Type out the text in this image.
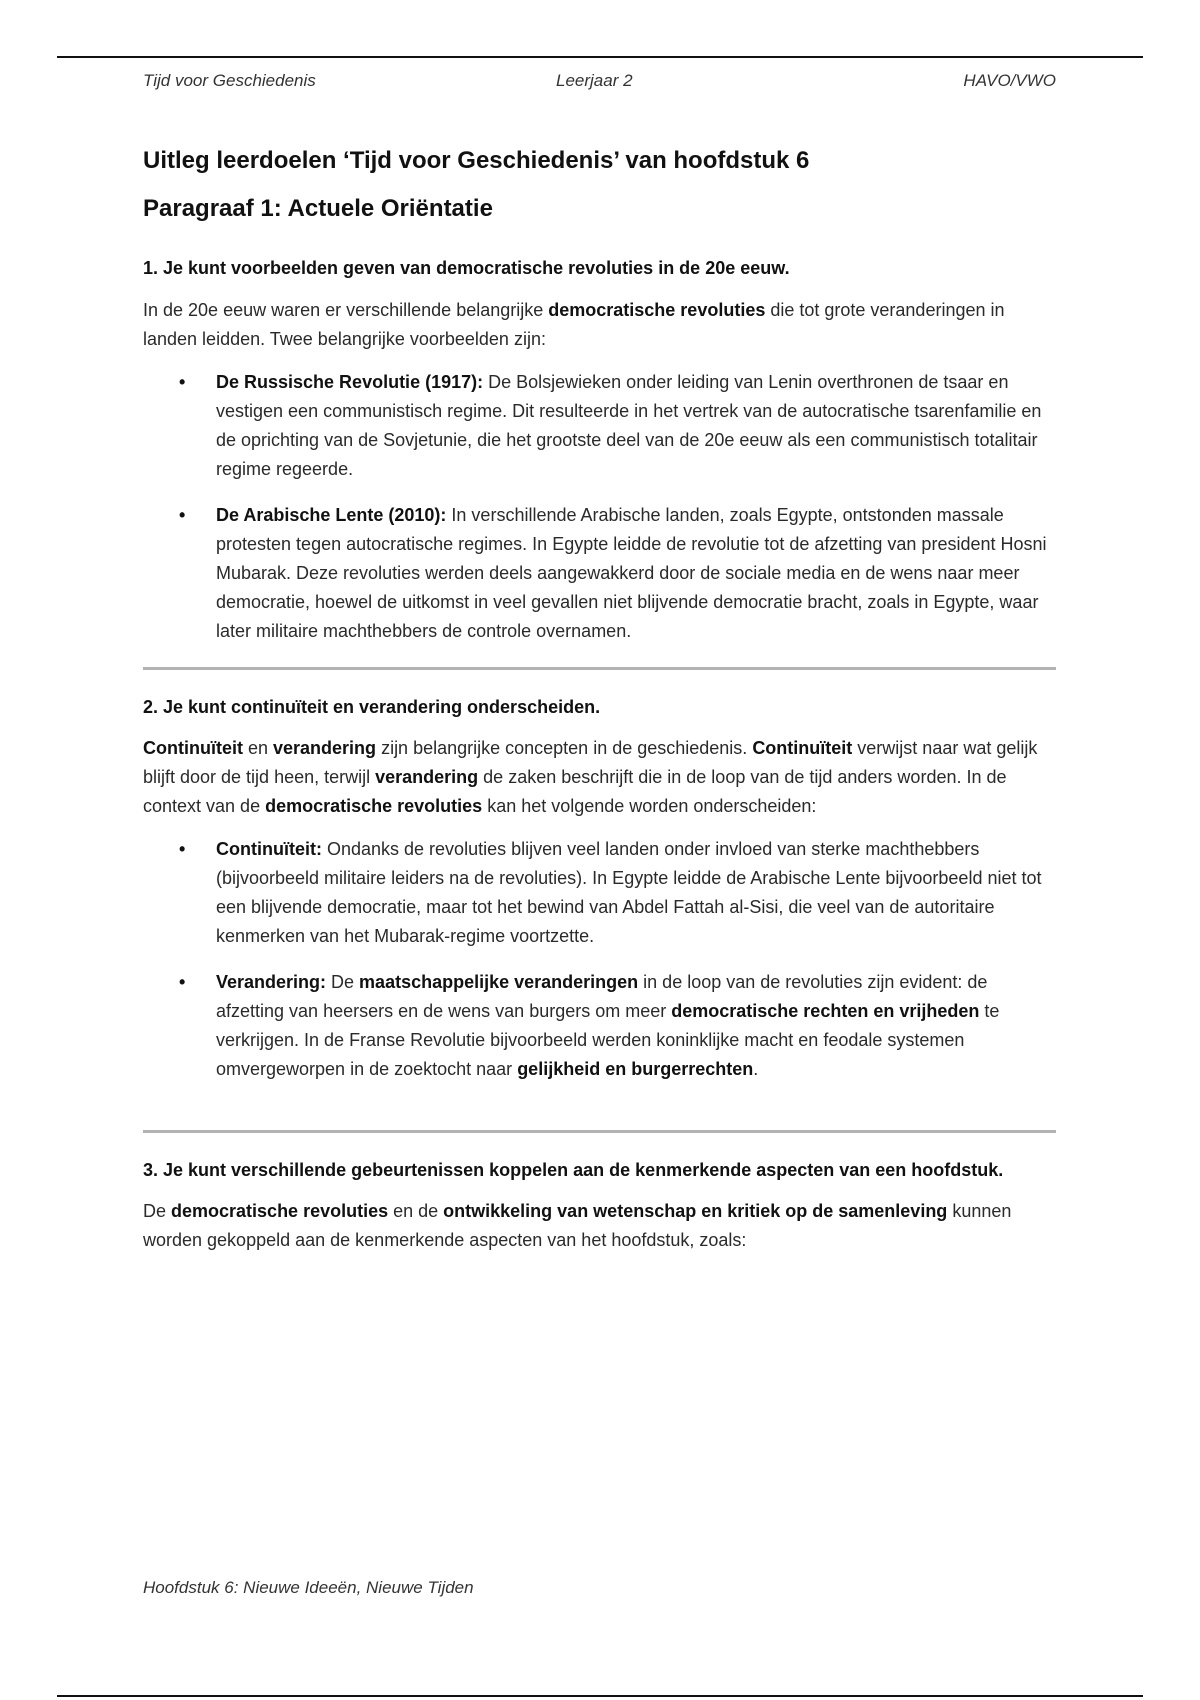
Tijd voor Geschiedenis	Leerjaar 2	HAVO/VWO
Uitleg leerdoelen ‘Tijd voor Geschiedenis’ van hoofdstuk 6
Paragraaf 1: Actuele Oriëntatie
1. Je kunt voorbeelden geven van democratische revoluties in de 20e eeuw.

In de 20e eeuw waren er verschillende belangrijke democratische revoluties die tot grote veranderingen in landen leidden. Twee belangrijke voorbeelden zijn:

• De Russische Revolutie (1917): De Bolsjewieken onder leiding van Lenin overthronen de tsaar en vestigen een communistisch regime. Dit resulteerde in het vertrek van de autocratische tsarenfamilie en de oprichting van de Sovjetunie, die het grootste deel van de 20e eeuw als een communistisch totalitair regime regeerde.
• De Arabische Lente (2010): In verschillende Arabische landen, zoals Egypte, ontstonden massale protesten tegen autocratische regimes. In Egypte leidde de revolutie tot de afzetting van president Hosni Mubarak. Deze revoluties werden deels aangewakkerd door de sociale media en de wens naar meer democratie, hoewel de uitkomst in veel gevallen niet blijvende democratie bracht, zoals in Egypte, waar later militaire machthebbers de controle overnamen.
2. Je kunt continuïteit en verandering onderscheiden.

Continuïteit en verandering zijn belangrijke concepten in de geschiedenis. Continuïteit verwijst naar wat gelijk blijft door de tijd heen, terwijl verandering de zaken beschrijft die in de loop van de tijd anders worden. In de context van de democratische revoluties kan het volgende worden onderscheiden:

• Continuïteit: Ondanks de revoluties blijven veel landen onder invloed van sterke machthebbers (bijvoorbeeld militaire leiders na de revoluties). In Egypte leidde de Arabische Lente bijvoorbeeld niet tot een blijvende democratie, maar tot het bewind van Abdel Fattah al-Sisi, die veel van de autoritaire kenmerken van het Mubarak-regime voortzette.
• Verandering: De maatschappelijke veranderingen in de loop van de revoluties zijn evident: de afzetting van heersers en de wens van burgers om meer democratische rechten en vrijheden te verkrijgen. In de Franse Revolutie bijvoorbeeld werden koninklijke macht en feodale systemen omvergeworpen in de zoektocht naar gelijkheid en burgerrechten.
3. Je kunt verschillende gebeurtenissen koppelen aan de kenmerkende aspecten van een hoofdstuk.

De democratische revoluties en de ontwikkeling van wetenschap en kritiek op de samenleving kunnen worden gekoppeld aan de kenmerkende aspecten van het hoofdstuk, zoals:

Hoofdstuk 6: Nieuwe Ideeën, Nieuwe Tijden
